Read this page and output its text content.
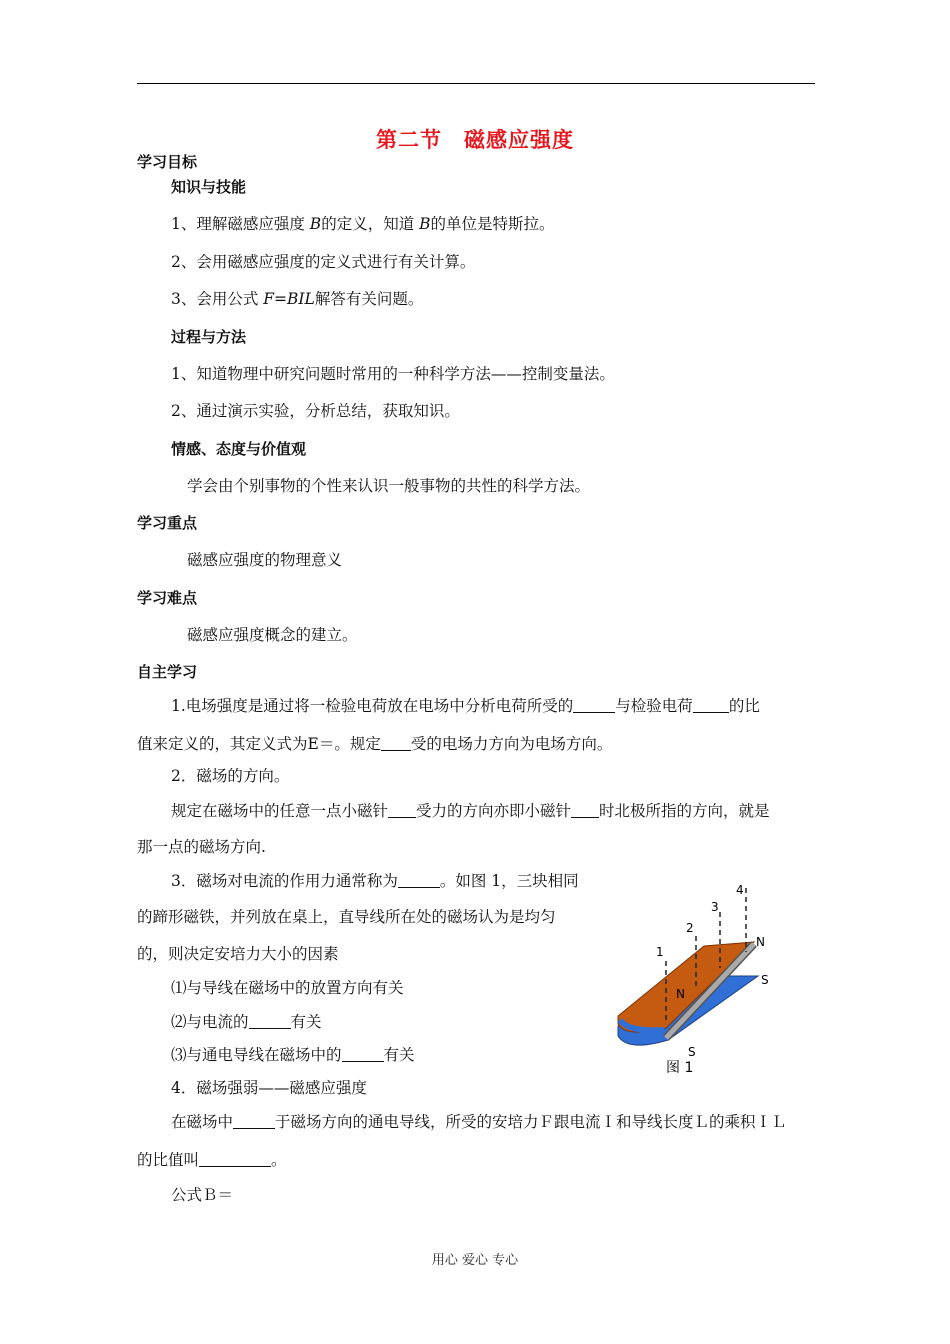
第二节　磁感应强度
学习目标
知识与技能
1、理解磁感应强度 B的定义，知道 B的单位是特斯拉。
2、会用磁感应强度的定义式进行有关计算。
3、会用公式 F=BIL解答有关问题。
过程与方法
1、知道物理中研究问题时常用的一种科学方法——控制变量法。
2、通过演示实验，分析总结，获取知识。
情感、态度与价值观
学会由个别事物的个性来认识一般事物的共性的科学方法。
学习重点
磁感应强度的物理意义
学习难点
磁感应强度概念的建立。
自主学习
1.电场强度是通过将一检验电荷放在电场中分析电荷所受的	与检验电荷 的比
值来定义的，其定义式为E＝。规定 受的电场力方向为电场方向。
2．磁场的方向。
规定在磁场中的任意一点小磁针 受力的方向亦即小磁针 时北极所指的方向，就是
那一点的磁场方向.
3．磁场对电流的作用力通常称为	。如图 1，三块相同
的蹄形磁铁，并列放在桌上，直导线所在处的磁场认为是均匀
的，则决定安培力大小的因素
⑴与导线在磁场中的放置方向有关
⑵与电流的	有关
⑶与通电导线在磁场中的	有关
4．磁场强弱——磁感应强度
在磁场中	于磁场方向的通电导线，所受的安培力Ｆ跟电流Ｉ和导线长度Ｌ的乘积ＩＬ
的比值叫	。
公式Ｂ＝
1
2
3
4
N
N
S
S
图 1
用心 爱心 专心
